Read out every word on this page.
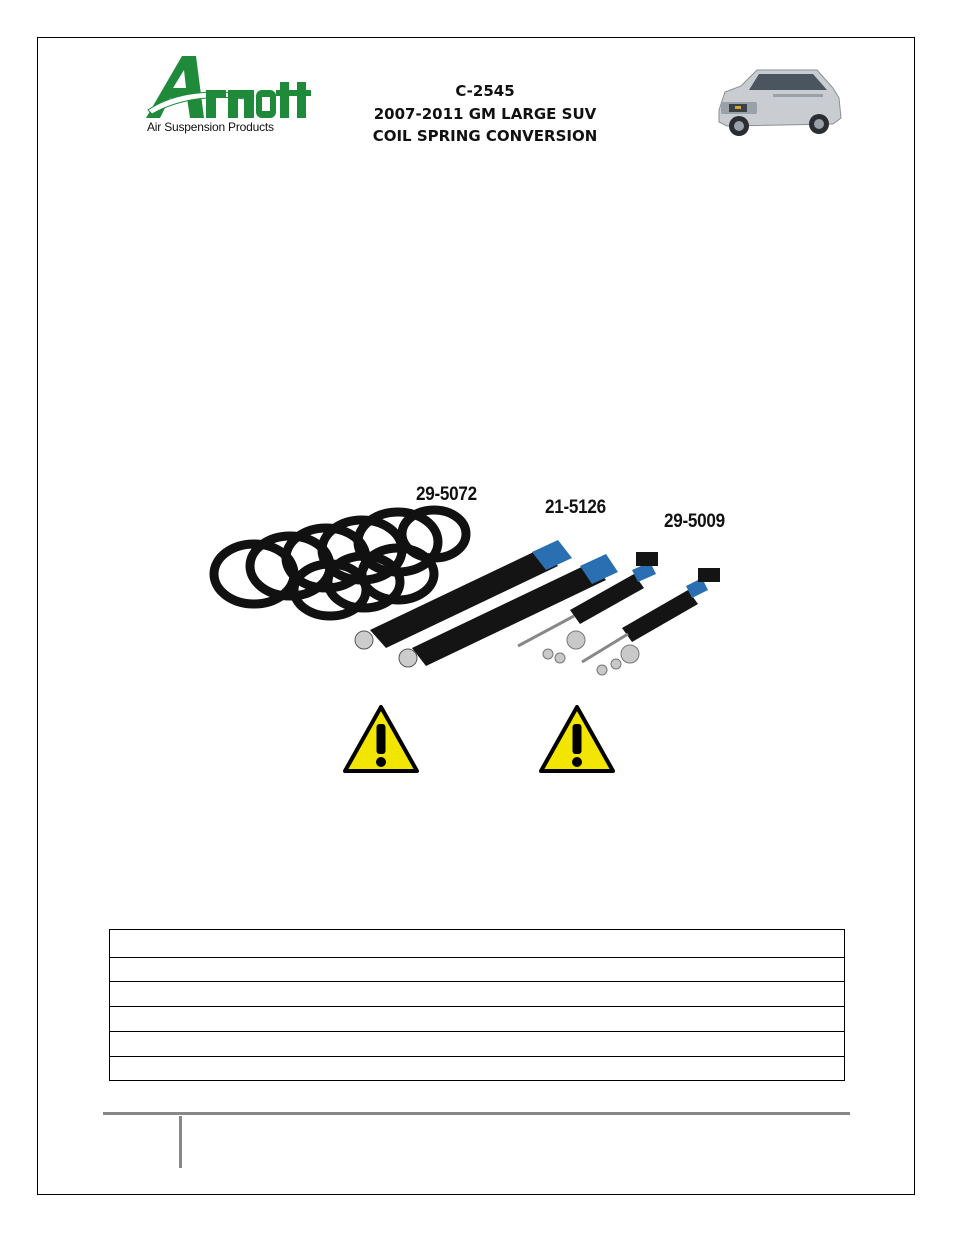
Air Suspension Products
C-2545
2007-2011 GM LARGE SUV
COIL SPRING CONVERSION
29-5072
21-5126
29-5009
